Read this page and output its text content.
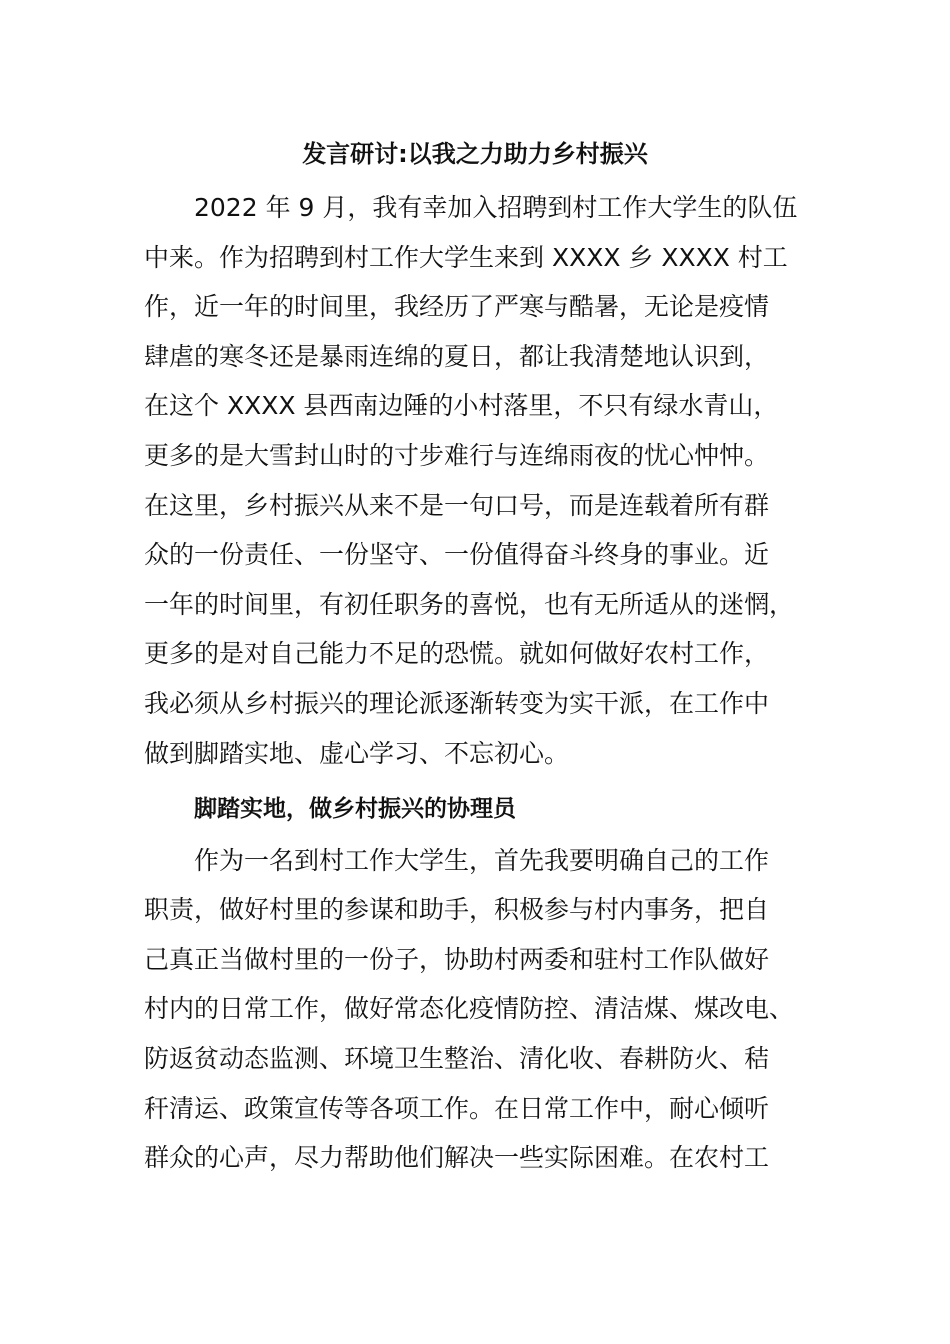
发言研讨:以我之力助力乡村振兴
　　2022 年 9 月，我有幸加入招聘到村工作大学生的队伍
中来。作为招聘到村工作大学生来到 XXXX 乡 XXXX 村工
作，近一年的时间里，我经历了严寒与酷暑，无论是疫情
肆虐的寒冬还是暴雨连绵的夏日，都让我清楚地认识到，
在这个 XXXX 县西南边陲的小村落里，不只有绿水青山，
更多的是大雪封山时的寸步难行与连绵雨夜的忧心忡忡。
在这里，乡村振兴从来不是一句口号，而是连载着所有群
众的一份责任、一份坚守、一份值得奋斗终身的事业。近
一年的时间里，有初任职务的喜悦，也有无所适从的迷惘，
更多的是对自己能力不足的恐慌。就如何做好农村工作，
我必须从乡村振兴的理论派逐渐转变为实干派，在工作中
做到脚踏实地、虚心学习、不忘初心。
脚踏实地，做乡村振兴的协理员
　　作为一名到村工作大学生，首先我要明确自己的工作
职责，做好村里的参谋和助手，积极参与村内事务，把自
己真正当做村里的一份子，协助村两委和驻村工作队做好
村内的日常工作，做好常态化疫情防控、清洁煤、煤改电、
防返贫动态监测、环境卫生整治、清化收、春耕防火、秸
秆清运、政策宣传等各项工作。在日常工作中，耐心倾听
群众的心声，尽力帮助他们解决一些实际困难。在农村工
